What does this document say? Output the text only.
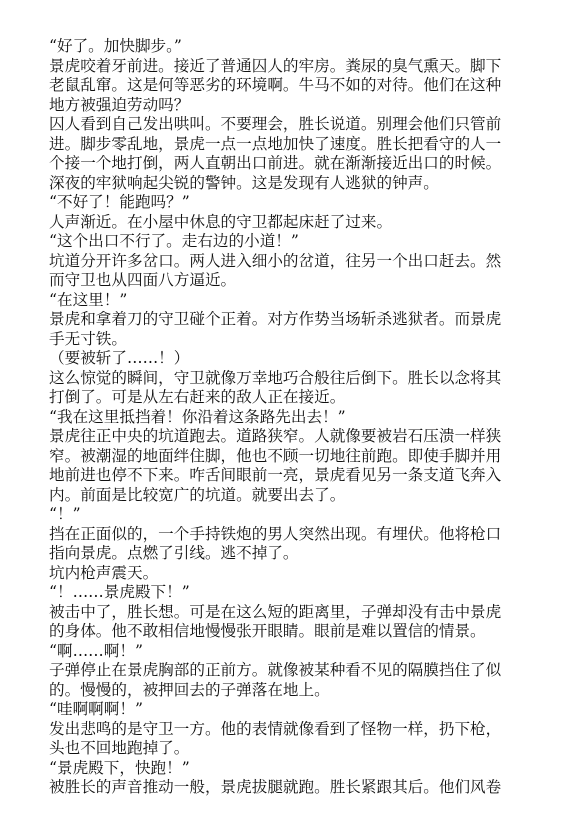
“好了。加快脚步。”
景虎咬着牙前进。接近了普通囚人的牢房。粪尿的臭气熏天。脚下
老鼠乱窜。这是何等恶劣的环境啊。牛马不如的对待。他们在这种
地方被强迫劳动吗？
囚人看到自己发出哄叫。不要理会，胜长说道。别理会他们只管前
进。脚步零乱地，景虎一点一点地加快了速度。胜长把看守的人一
个接一个地打倒，两人直朝出口前进。就在渐渐接近出口的时候。
深夜的牢狱响起尖锐的警钟。这是发现有人逃狱的钟声。
“不好了！能跑吗？”
人声渐近。在小屋中休息的守卫都起床赶了过来。
“这个出口不行了。走右边的小道！”
坑道分开许多岔口。两人进入细小的岔道，往另一个出口赶去。然
而守卫也从四面八方逼近。
“在这里！”
景虎和拿着刀的守卫碰个正着。对方作势当场斩杀逃狱者。而景虎
手无寸铁。
（要被斩了……！）
这么惊觉的瞬间，守卫就像万幸地巧合般往后倒下。胜长以念将其
打倒了。可是从左右赶来的敌人正在接近。
“我在这里抵挡着！你沿着这条路先出去！”
景虎往正中央的坑道跑去。道路狭窄。人就像要被岩石压溃一样狭
窄。被潮湿的地面绊住脚，他也不顾一切地往前跑。即使手脚并用
地前进也停不下来。咋舌间眼前一亮，景虎看见另一条支道飞奔入
内。前面是比较宽广的坑道。就要出去了。
“！”
挡在正面似的，一个手持铁炮的男人突然出现。有埋伏。他将枪口
指向景虎。点燃了引线。逃不掉了。
坑内枪声震天。
“！……景虎殿下！”
被击中了，胜长想。可是在这么短的距离里，子弹却没有击中景虎
的身体。他不敢相信地慢慢张开眼睛。眼前是难以置信的情景。
“啊……啊！”
子弹停止在景虎胸部的正前方。就像被某种看不见的隔膜挡住了似
的。慢慢的，被押回去的子弹落在地上。
“哇啊啊啊！”
发出悲鸣的是守卫一方。他的表情就像看到了怪物一样，扔下枪，
头也不回地跑掉了。
“景虎殿下，快跑！”
被胜长的声音推动一般，景虎拔腿就跑。胜长紧跟其后。他们风卷
